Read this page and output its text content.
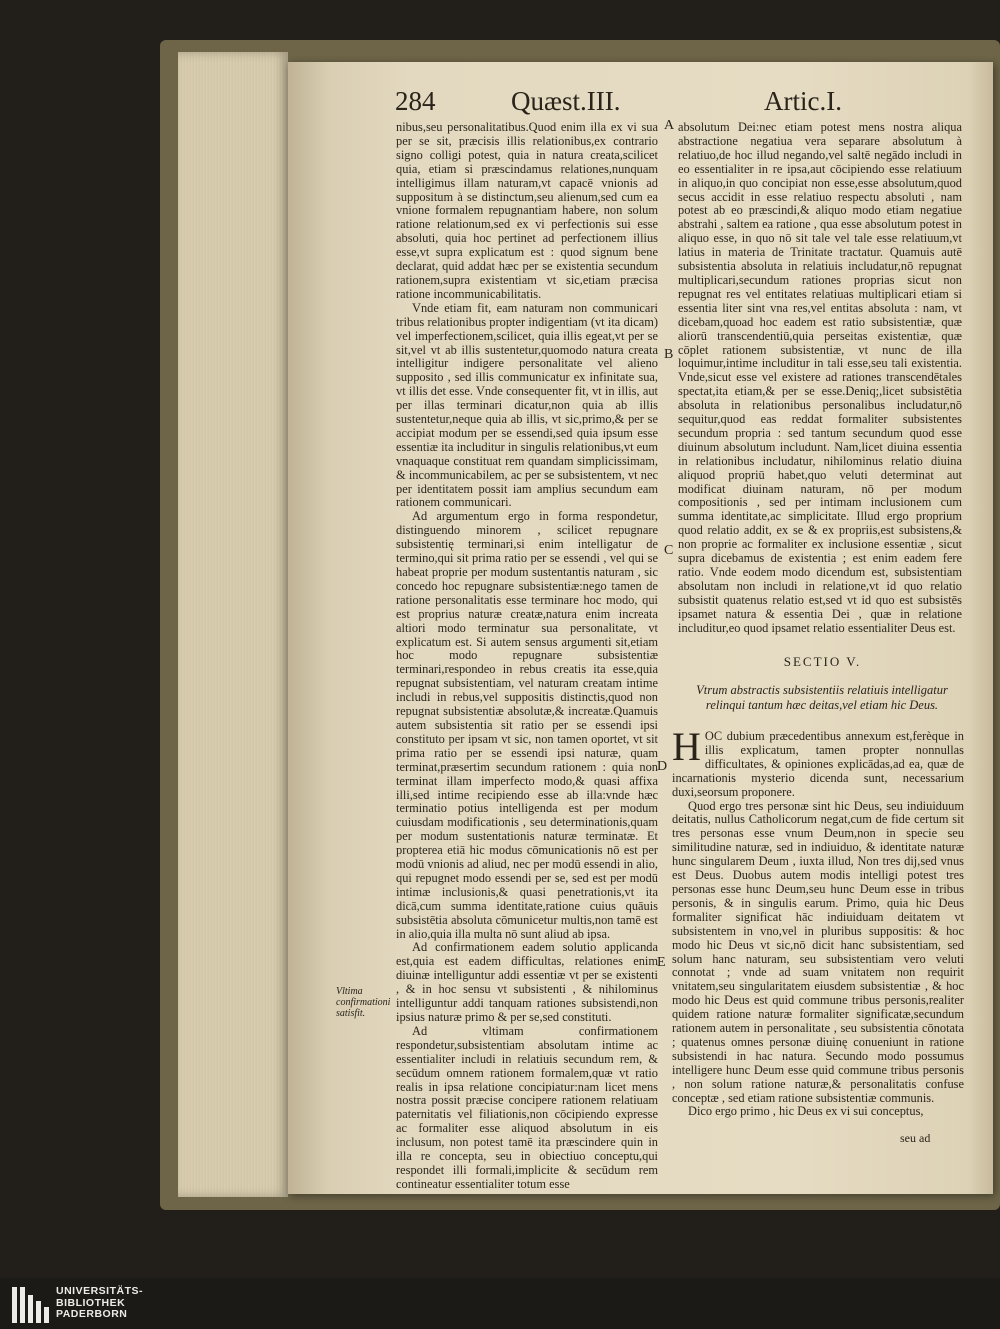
284	Quæst.III.	Artic.I.

nibus,seu personalitatibus.Quod enim illa ex vi sua per se sit, præcisis illis relationibus,ex contrario signo colligi potest, quia in natura creata,scilicet quia, etiam si præscindamus relationes,nunquam intelligimus illam naturam,vt capacē vnionis ad suppositum à se distinctum,seu alienum,sed cum ea vnione formalem repugnantiam habere, non solum ratione relationum,sed ex vi perfectionis sui esse absoluti, quia hoc pertinet ad perfectionem illius esse,vt supra explicatum est : quod signum bene declarat, quid addat hæc per se existentia secundum rationem,supra existentiam vt sic,etiam præcisa ratione incommunicabilitatis.

Vnde etiam fit, eam naturam non communicari tribus relationibus propter indigentiam (vt ita dicam) vel imperfectionem,scilicet, quia illis egeat,vt per se sit,vel vt ab illis sustentetur,quomodo natura creata intelligitur indigere personalitate vel alieno supposito , sed illis communicatur ex infinitate sua, vt illis det esse. Vnde consequenter fit, vt in illis, aut per illas terminari dicatur,non quia ab illis sustentetur,neque quia ab illis, vt sic,primo,& per se accipiat modum per se essendi,sed quia ipsum esse essentiæ ita includitur in singulis relationibus,vt eum vnaquaque constituat rem quandam simplicissimam, & incommunicabilem, ac per se subsistentem, vt nec per identitatem possit iam amplius secundum eam rationem communicari.

Ad argumentum ergo in forma respondetur, distinguendo minorem , scilicet repugnare subsistentię terminari,si enim intelligatur de termino,qui sit prima ratio per se essendi , vel qui se habeat proprie per modum sustentantis naturam , sic concedo hoc repugnare subsistentiæ:nego tamen de ratione personalitatis esse terminare hoc modo, qui est proprius naturæ creatæ,natura enim increata altiori modo terminatur sua personalitate, vt explicatum est. Si autem sensus argumenti sit,etiam hoc modo repugnare subsistentiæ terminari,respondeo in rebus creatis ita esse,quia repugnat subsistentiam, vel naturam creatam intime includi in rebus,vel suppositis distinctis,quod non repugnat subsistentiæ absolutæ,& increatæ.Quamuis autem subsistentia sit ratio per se essendi ipsi constituto per ipsam vt sic, non tamen oportet, vt sit prima ratio per se essendi ipsi naturæ, quam terminat,præsertim secundum rationem : quia non terminat illam imperfecto modo,& quasi affixa illi,sed intime recipiendo esse ab illa:vnde hæc terminatio potius intelligenda est per modum cuiusdam modificationis , seu determinationis,quam per modum sustentationis naturæ terminatæ. Et propterea etiā hic modus cōmunicationis nō est per modū vnionis ad aliud, nec per modū essendi in alio, qui repugnet modo essendi per se, sed est per modū intimæ inclusionis,& quasi penetrationis,vt ita dicā,cum summa identitate,ratione cuius quāuis subsistētia absoluta cōmunicetur multis,non tamē est in alio,quia illa multa nō sunt aliud ab ipsa.

Ad confirmationem eadem solutio applicanda est,quia est eadem difficultas, relationes enim diuinæ intelliguntur addi essentiæ vt per se existenti , & in hoc sensu vt subsistenti , & nihilominus intelliguntur addi tanquam rationes subsistendi,non ipsius naturæ primo & per se,sed constituti.

Ad vltimam confirmationem respondetur,subsistentiam absolutam intime ac essentialiter includi in relatiuis secundum rem, & secūdum omnem rationem formalem,quæ vt ratio realis in ipsa relatione concipiatur:nam licet mens nostra possit præcise concipere rationem relatiuam paternitatis vel filiationis,non cōcipiendo expresse ac formaliter esse aliquod absolutum in eis inclusum, non potest tamē ita præscindere quin in illa re concepta, seu in obiectiuo conceptu,qui respondet illi formali,implicite & secūdum rem contineatur essentialiter totum esse

Vltima confirmationi satisfit.
A
B
C
D
E

absolutum Dei:nec etiam potest mens nostra aliqua abstractione negatiua vera separare absolutum à relatiuo,de hoc illud negando,vel saltē negādo includi in eo essentialiter in re ipsa,aut cōcipiendo esse relatiuum in aliquo,in quo concipiat non esse,esse absolutum,quod secus accidit in esse relatiuo respectu absoluti , nam potest ab eo præscindi,& aliquo modo etiam negatiue abstrahi , saltem ea ratione , qua esse absolutum potest in aliquo esse, in quo nō sit tale vel tale esse relatiuum,vt latius in materia de Trinitate tractatur. Quamuis autē subsistentia absoluta in relatiuis includatur,nō repugnat multiplicari,secundum rationes proprias sicut non repugnat res vel entitates relatiuas multiplicari etiam si essentia liter sint vna res,vel entitas absoluta : nam, vt dicebam,quoad hoc eadem est ratio subsistentiæ, quæ aliorū transcendentiū,quia perseitas existentiæ, quæ cōplet rationem subsistentiæ, vt nunc de illa loquimur,intime includitur in tali esse,seu tali existentia. Vnde,sicut esse vel existere ad rationes transcendētales spectat,ita etiam,& per se esse.Deniq;,licet subsistētia absoluta in relationibus personalibus includatur,nō sequitur,quod eas reddat formaliter subsistentes secundum propria : sed tantum secundum quod esse diuinum absolutum includunt. Nam,licet diuina essentia in relationibus includatur, nihilominus relatio diuina aliquod propriū habet,quo veluti determinat aut modificat diuinam naturam, nō per modum compositionis , sed per intimam inclusionem cum summa identitate,ac simplicitate. Illud ergo proprium quod relatio addit, ex se & ex propriis,est subsistens,& non proprie ac formaliter ex inclusione essentiæ , sicut supra dicebamus de existentia ; est enim eadem fere ratio. Vnde eodem modo dicendum est, subsistentiam absolutam non includi in relatione,vt id quo relatio subsistit quatenus relatio est,sed vt id quo est subsistēs ipsamet natura & essentia Dei , quæ in relatione includitur,eo quod ipsamet relatio essentialiter Deus est.

SECTIO V.
Vtrum abstractis subsistentiis relatiuis intelligatur relinqui tantum hæc deitas,vel etiam hic Deus.

HOC dubium præcedentibus annexum est,ferèque in illis explicatum, tamen propter nonnullas difficultates, & opiniones explicādas,ad ea, quæ de incarnationis mysterio dicenda sunt, necessarium duxi,seorsum proponere.

Quod ergo tres personæ sint hic Deus, seu indiuiduum deitatis, nullus Catholicorum negat,cum de fide certum sit tres personas esse vnum Deum,non in specie seu similitudine naturæ, sed in indiuiduo, & identitate naturæ hunc singularem Deum , iuxta illud, Non tres dij,sed vnus est Deus. Duobus autem modis intelligi potest tres personas esse hunc Deum,seu hunc Deum esse in tribus personis, & in singulis earum. Primo, quia hic Deus formaliter significat hāc indiuiduam deitatem vt subsistentem in vno,vel in pluribus suppositis: & hoc modo hic Deus vt sic,nō dicit hanc subsistentiam, sed solum hanc naturam, seu subsistentiam vero veluti connotat ; vnde ad suam vnitatem non requirit vnitatem,seu singularitatem eiusdem subsistentiæ , & hoc modo hic Deus est quid commune tribus personis,realiter quidem ratione naturæ formaliter significatæ,secundum rationem autem in personalitate , seu subsistentia cōnotata ; quatenus omnes personæ diuinę conueniunt in ratione subsistendi in hac natura. Secundo modo possumus intelligere hunc Deum esse quid commune tribus personis , non solum ratione naturæ,& personalitatis confuse conceptæ , sed etiam ratione subsistentiæ communis.

Dico ergo primo , hic Deus ex vi sui conceptus,

seu ad
UNIVERSITÄTS-
BIBLIOTHEK
PADERBORN
